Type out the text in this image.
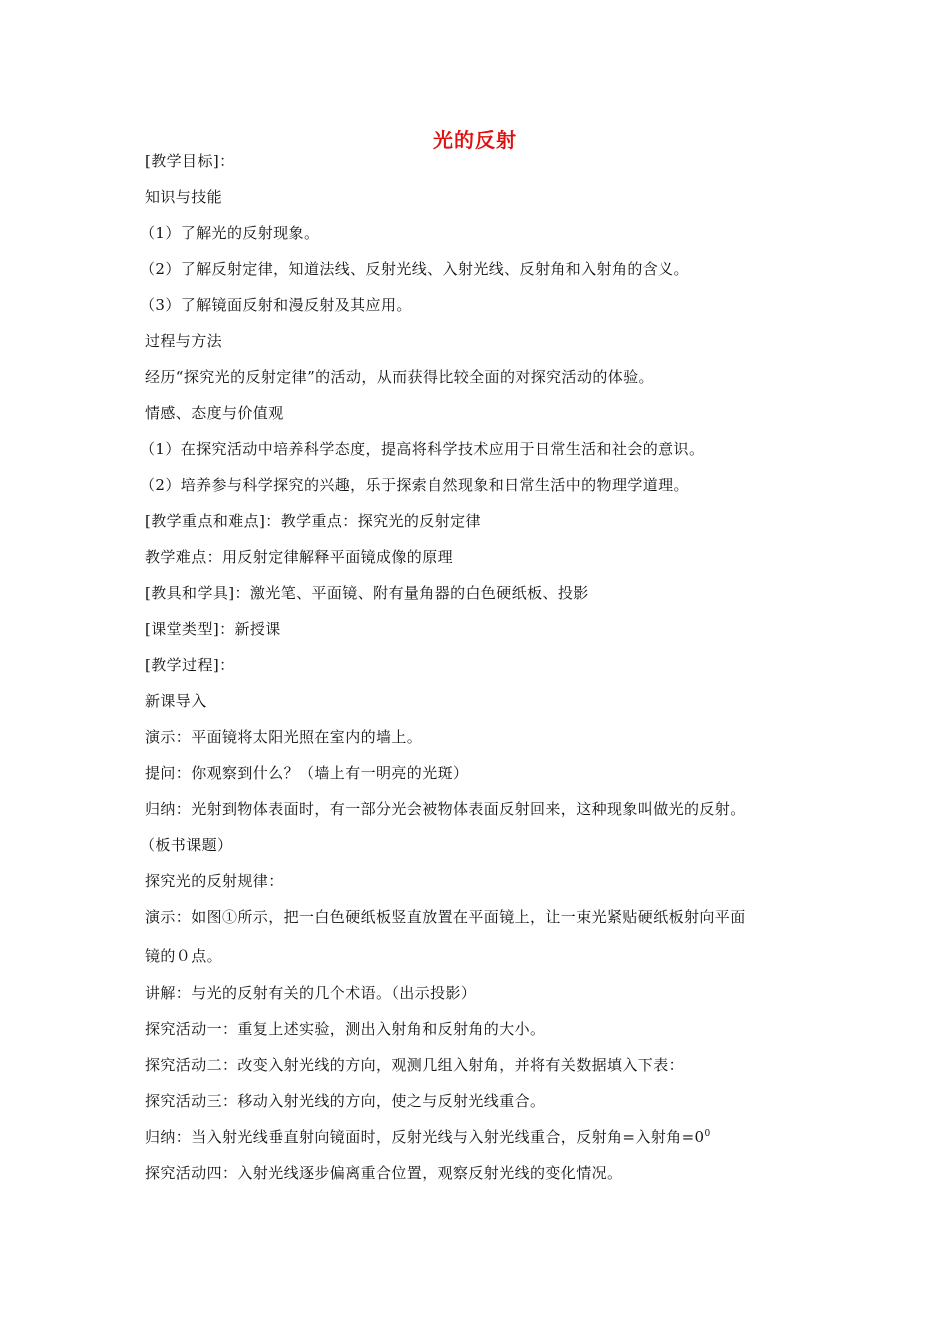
光的反射
[教学目标]：
知识与技能
（1）了解光的反射现象。
（2）了解反射定律，知道法线、反射光线、入射光线、反射角和入射角的含义。
（3）了解镜面反射和漫反射及其应用。
过程与方法
经历“探究光的反射定律”的活动，从而获得比较全面的对探究活动的体验。
情感、态度与价值观
（1）在探究活动中培养科学态度，提高将科学技术应用于日常生活和社会的意识。
（2）培养参与科学探究的兴趣，乐于探索自然现象和日常生活中的物理学道理。
[教学重点和难点]：教学重点：探究光的反射定律
教学难点：用反射定律解释平面镜成像的原理
[教具和学具]：激光笔、平面镜、附有量角器的白色硬纸板、投影
[课堂类型]：新授课
[教学过程]：
新课导入
演示：平面镜将太阳光照在室内的墙上。
提问：你观察到什么？（墙上有一明亮的光斑）
归纳：光射到物体表面时，有一部分光会被物体表面反射回来，这种现象叫做光的反射。
（板书课题）
探究光的反射规律：
演示：如图①所示，把一白色硬纸板竖直放置在平面镜上，让一束光紧贴硬纸板射向平面
镜的０点。
讲解：与光的反射有关的几个术语。（出示投影）
探究活动一：重复上述实验，测出入射角和反射角的大小。
探究活动二：改变入射光线的方向，观测几组入射角，并将有关数据填入下表：
探究活动三：移动入射光线的方向，使之与反射光线重合。
归纳：当入射光线垂直射向镜面时，反射光线与入射光线重合，反射角=入射角$=0^0$
探究活动四：入射光线逐步偏离重合位置，观察反射光线的变化情况。
